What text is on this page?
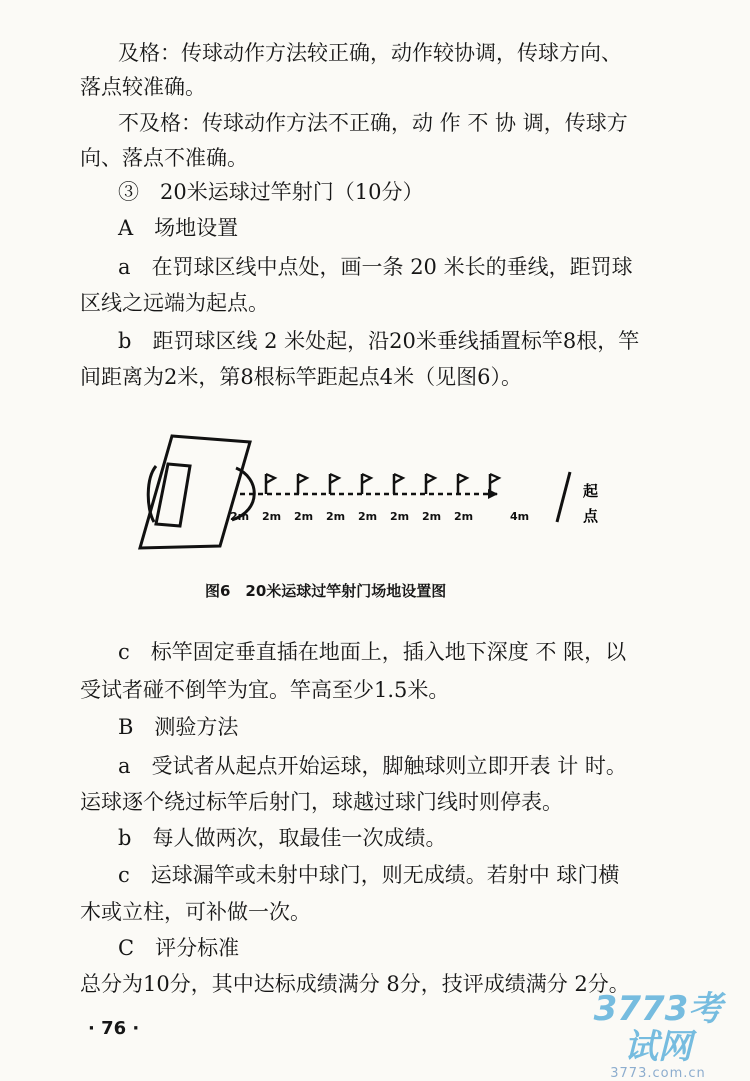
及格：传球动作方法较正确，动作较协调，传球方向、
落点较准确。
不及格：传球动作方法不正确，动 作 不 协 调，传球方
向、落点不准确。
③　20米运球过竿射门（10分）
A　场地设置
a　在罚球区线中点处，画一条 20 米长的垂线，距罚球
区线之远端为起点。
b　距罚球区线 2 米处起，沿20米垂线插置标竿8根，竿
间距离为2米，第8根标竿距起点4米（见图6）。
起
点
2m 2m 2m 2m 2m 2m 2m 2m	4m
图6　20米运球过竿射门场地设置图
c　标竿固定垂直插在地面上，插入地下深度 不 限，以
受试者碰不倒竿为宜。竿高至少1.5米。
B　测验方法
a　受试者从起点开始运球，脚触球则立即开表 计 时。
运球逐个绕过标竿后射门，球越过球门线时则停表。
b　每人做两次，取最佳一次成绩。
c　运球漏竿或未射中球门，则无成绩。若射中 球门横
木或立柱，可补做一次。
C　评分标准
总分为10分，其中达标成绩满分 8分，技评成绩满分 2分。
· 76 ·	3773考试网
3773.com.cn
